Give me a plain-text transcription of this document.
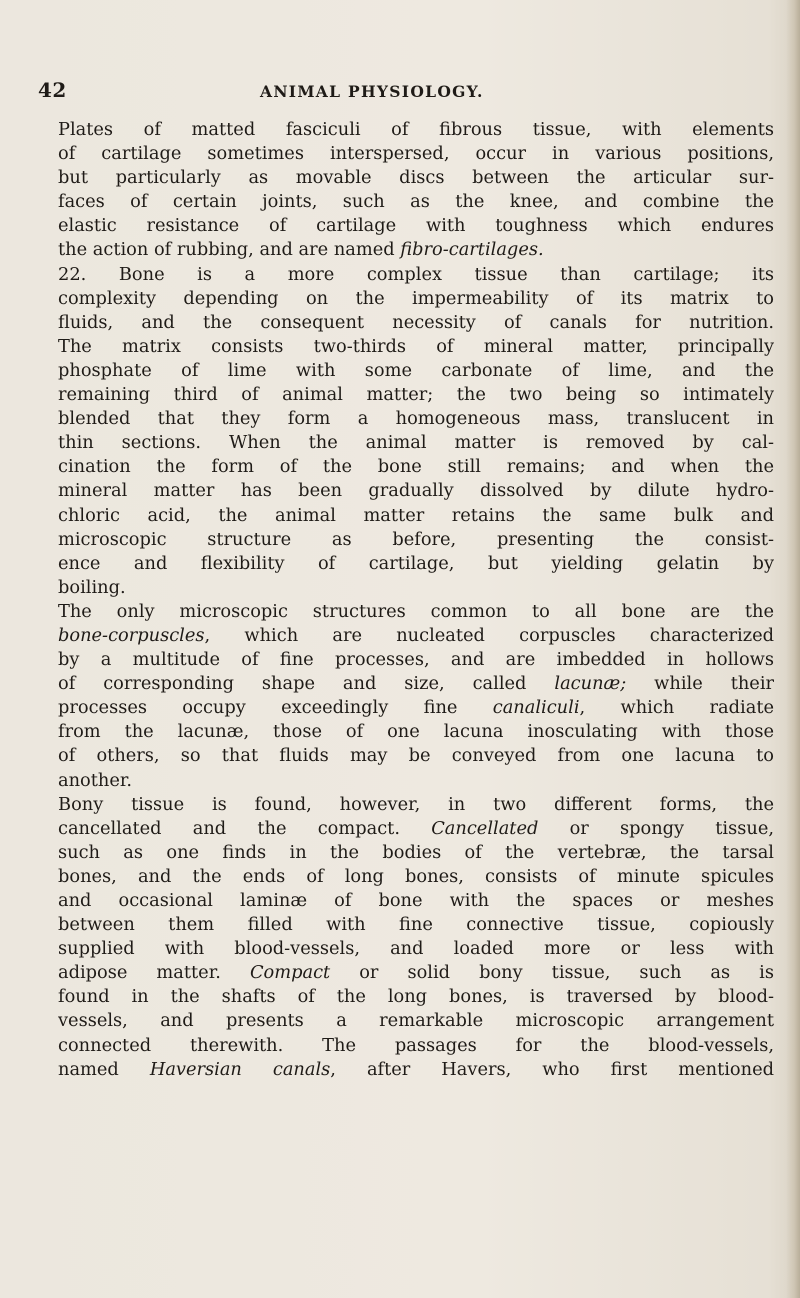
42	ANIMAL PHYSIOLOGY.
Plates of matted fasciculi of fibrous tissue, with elements
of cartilage sometimes interspersed, occur in various positions,
but particularly as movable discs between the articular sur-
faces of certain joints, such as the knee, and combine the
elastic resistance of cartilage with toughness which endures
the action of rubbing, and are named fibro-cartilages.
22. Bone is a more complex tissue than cartilage; its
complexity depending on the impermeability of its matrix to
fluids, and the consequent necessity of canals for nutrition.
The matrix consists two-thirds of mineral matter, principally
phosphate of lime with some carbonate of lime, and the
remaining third of animal matter; the two being so intimately
blended that they form a homogeneous mass, translucent in
thin sections. When the animal matter is removed by cal-
cination the form of the bone still remains; and when the
mineral matter has been gradually dissolved by dilute hydro-
chloric acid, the animal matter retains the same bulk and
microscopic structure as before, presenting the consist-
ence and flexibility of cartilage, but yielding gelatin by
boiling.
The only microscopic structures common to all bone are the
bone-corpuscles, which are nucleated corpuscles characterized
by a multitude of fine processes, and are imbedded in hollows
of corresponding shape and size, called lacunæ; while their
processes occupy exceedingly fine canaliculi, which radiate
from the lacunæ, those of one lacuna inosculating with those
of others, so that fluids may be conveyed from one lacuna to
another.
Bony tissue is found, however, in two different forms, the
cancellated and the compact. Cancellated or spongy tissue,
such as one finds in the bodies of the vertebræ, the tarsal
bones, and the ends of long bones, consists of minute spicules
and occasional laminæ of bone with the spaces or meshes
between them filled with fine connective tissue, copiously
supplied with blood-vessels, and loaded more or less with
adipose matter. Compact or solid bony tissue, such as is
found in the shafts of the long bones, is traversed by blood-
vessels, and presents a remarkable microscopic arrangement
connected therewith. The passages for the blood-vessels,
named Haversian canals, after Havers, who first mentioned
